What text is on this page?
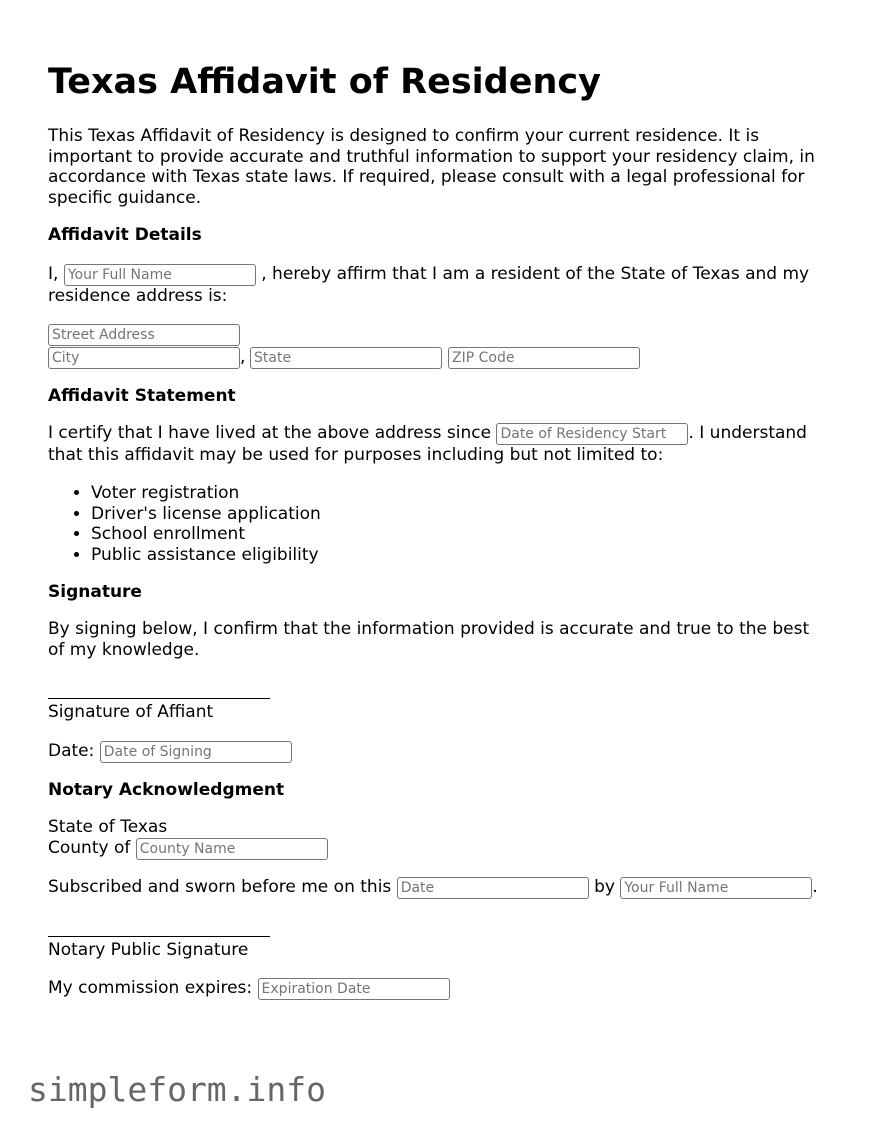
Texas Affidavit of Residency

This Texas Affidavit of Residency is designed to confirm your current residence. It is important to provide accurate and truthful information to support your residency claim, in accordance with Texas state laws. If required, please consult with a legal professional for specific guidance.

Affidavit Details

I, Your Full Name	, hereby affirm that I am a resident of the State of Texas and my residence address is:

Street Address
City
,
State
ZIP Code
Affidavit Statement

I certify that I have lived at the above address since Date of Residency Start	. I understand that this affidavit may be used for purposes including but not limited to:

• Voter registration
• Driver's license application
• School enrollment
• Public assistance eligibility
Signature

By signing below, I confirm that the information provided is accurate and true to the best of my knowledge.

Signature of Affiant

Date: Date of Signing

Notary Acknowledgment

State of Texas

County of County Name

Subscribed and sworn before me on this Date	by Your Full Name	.

Notary Public Signature

My commission expires: Expiration Date

simpleform.info
